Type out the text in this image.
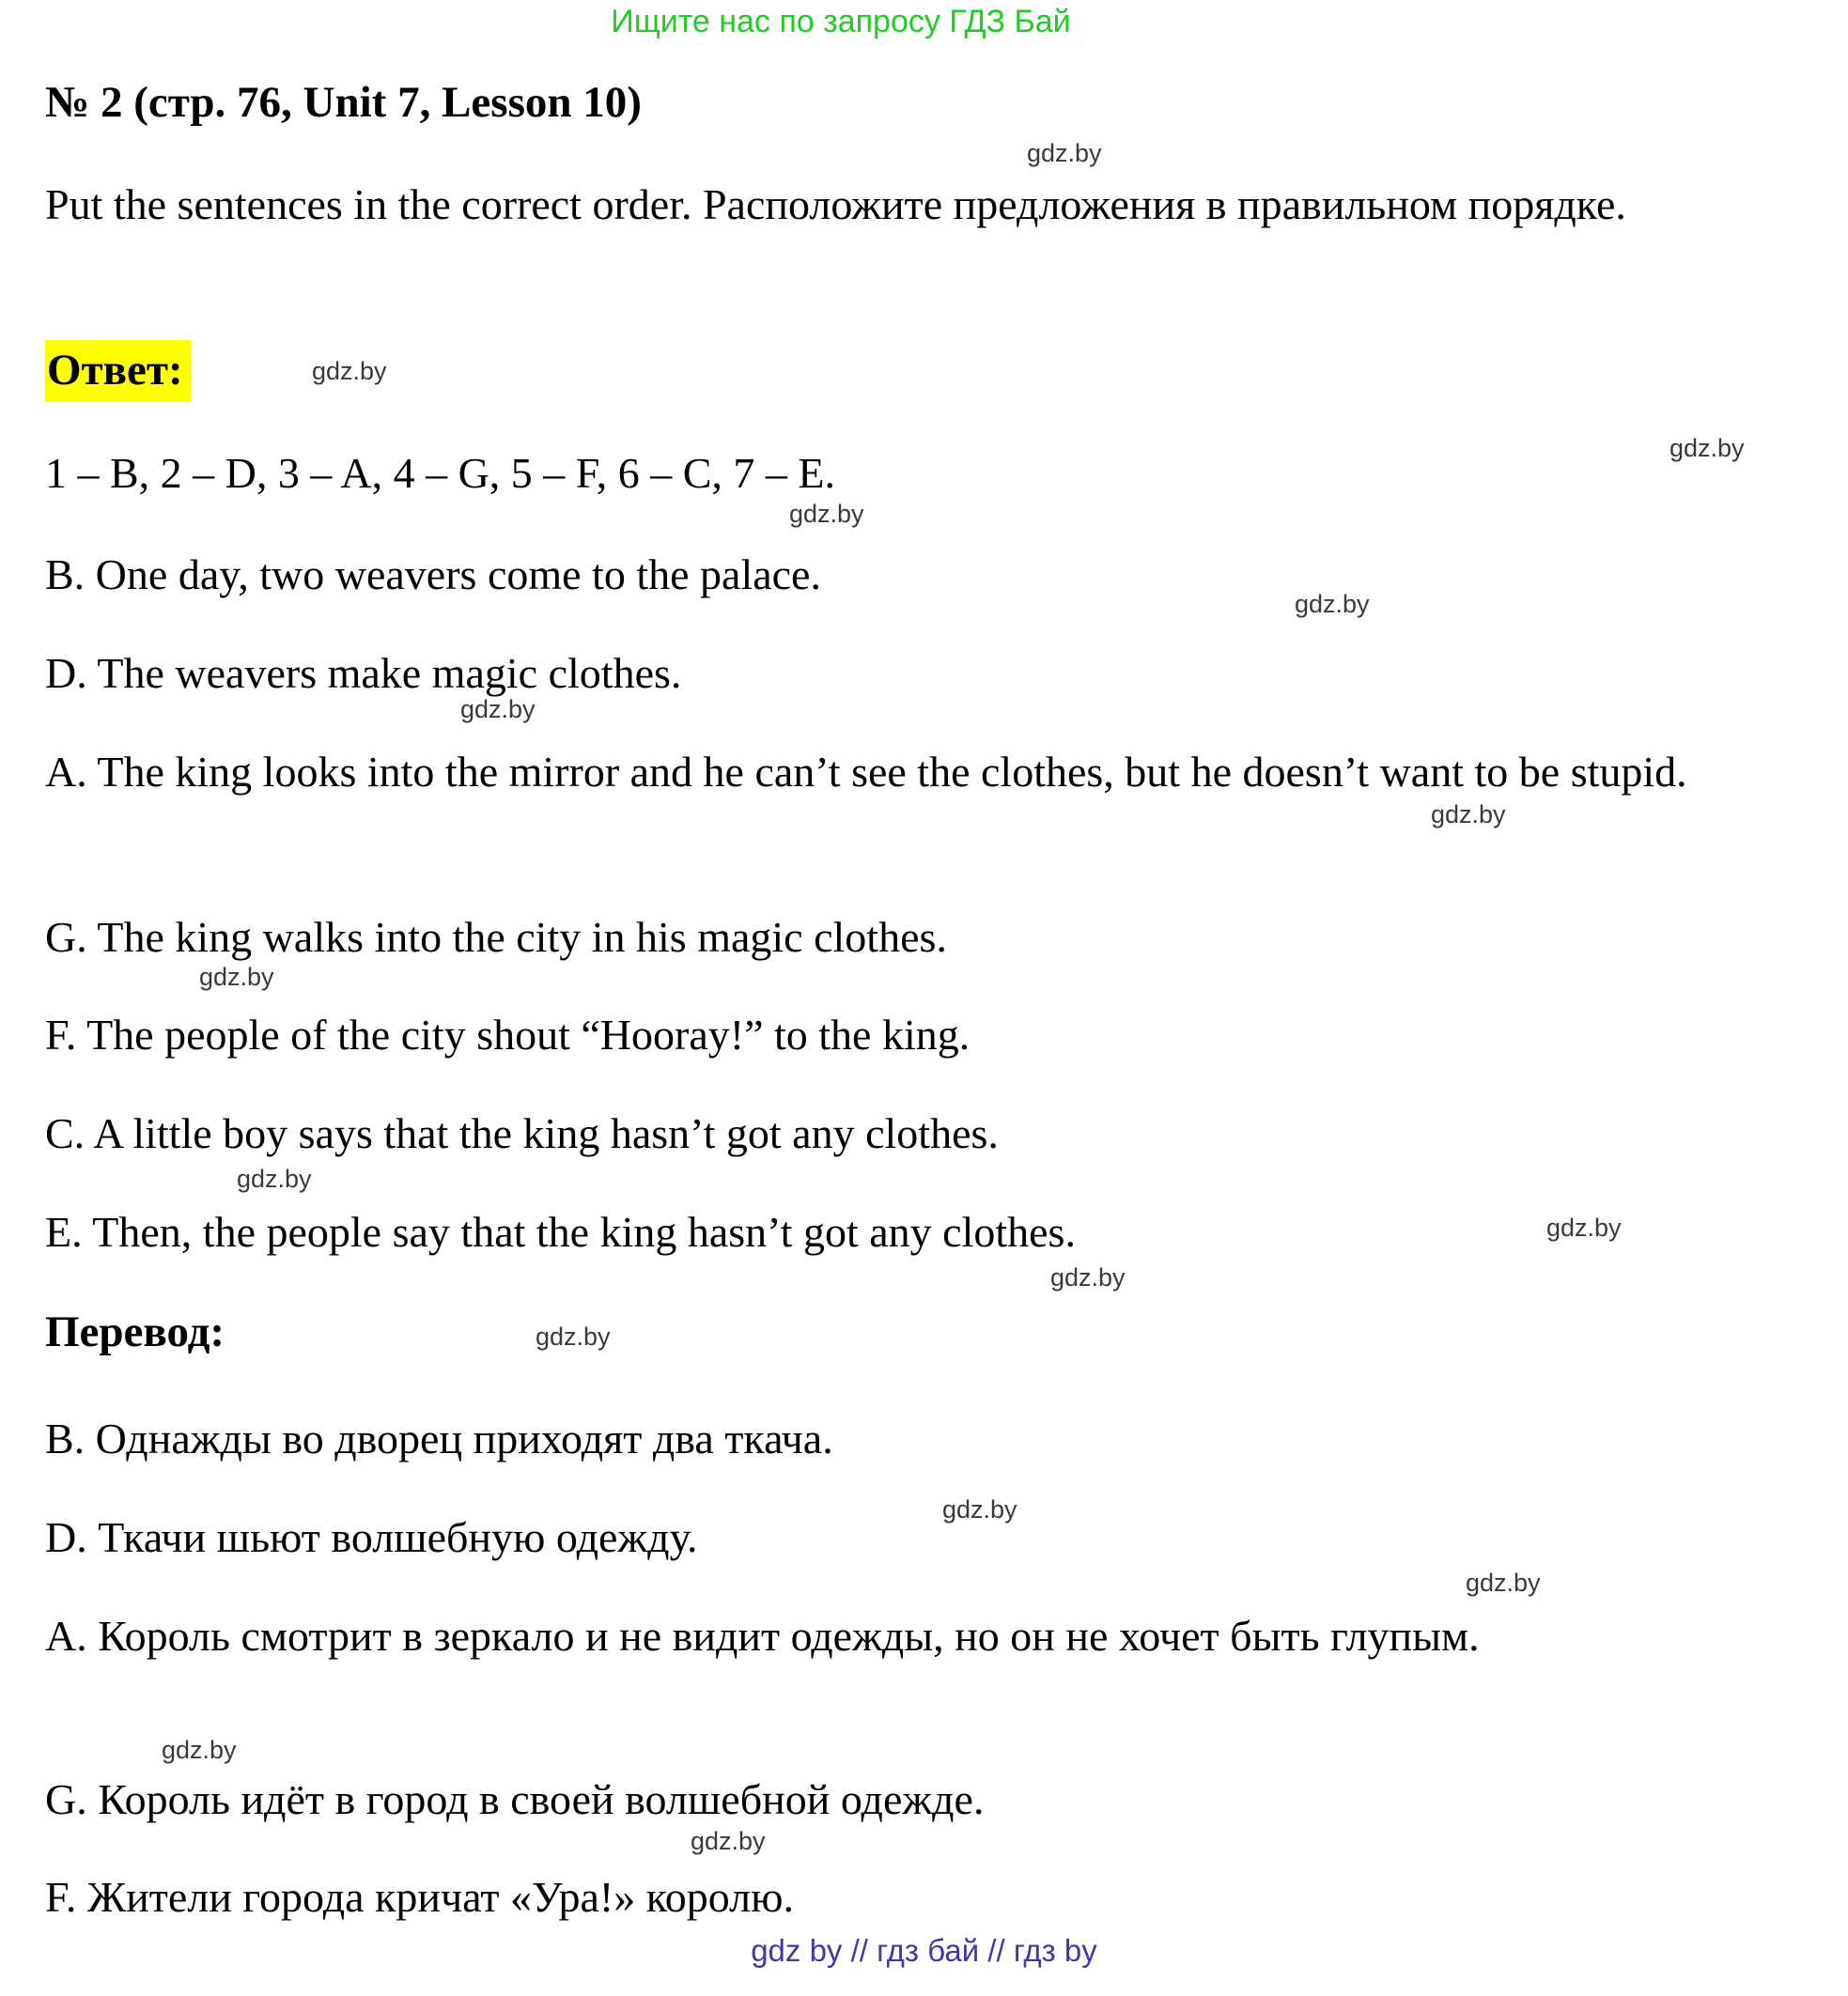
Ищите нас по запросу ГДЗ Бай
№ 2 (стр. 76, Unit 7, Lesson 10)
Put the sentences in the correct order. Расположите предложения в правильном порядке.
Ответ:
1 – B, 2 – D, 3 – A, 4 – G, 5 – F, 6 – C, 7 – E.
B. One day, two weavers come to the palace.
D. The weavers make magic clothes.
A. The king looks into the mirror and he can’t see the clothes, but he doesn’t want to be stupid.
G. The king walks into the city in his magic clothes.
F. The people of the city shout “Hooray!” to the king.
C. A little boy says that the king hasn’t got any clothes.
E. Then, the people say that the king hasn’t got any clothes.
Перевод:
B. Однажды во дворец приходят два ткача.
D. Ткачи шьют волшебную одежду.
A. Король смотрит в зеркало и не видит одежды, но он не хочет быть глупым.
G. Король идёт в город в своей волшебной одежде.
F. Жители города кричат «Ура!» королю.
gdz.by
gdz.by
gdz.by
gdz.by
gdz.by
gdz.by
gdz.by
gdz.by
gdz.by
gdz.by
gdz.by
gdz.by
gdz.by
gdz.by
gdz.by
gdz.by
gdz by // гдз бай // гдз by
